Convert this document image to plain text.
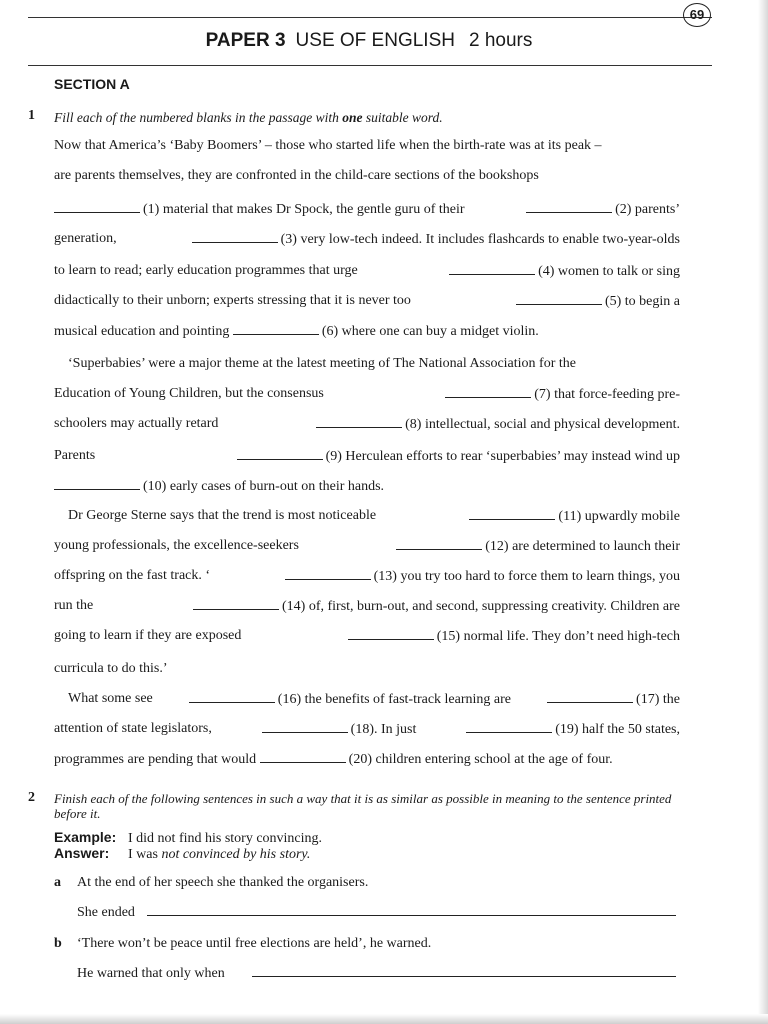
69
PAPER 3 USE OF ENGLISH 2 hours
SECTION A
1 Fill each of the numbered blanks in the passage with one suitable word.
Now that America’s ‘Baby Boomers’ – those who started life when the birth-rate was at its peak –
are parents themselves, they are confronted in the child-care sections of the bookshops
(1) material that makes Dr Spock, the gentle guru of their	(2) parents’
generation,	(3) very low-tech indeed. It includes flashcards to enable two-year-olds
to learn to read; early education programmes that urge	(4) women to talk or sing
didactically to their unborn; experts stressing that it is never too	(5) to begin a
musical education and pointing	(6) where one can buy a midget violin.
‘Superbabies’ were a major theme at the latest meeting of The National Association for the
Education of Young Children, but the consensus	(7) that force-feeding pre-
schoolers may actually retard	(8) intellectual, social and physical development.
Parents	(9) Herculean efforts to rear ‘superbabies’ may instead wind up
(10) early cases of burn-out on their hands.
Dr George Sterne says that the trend is most noticeable	(11) upwardly mobile
young professionals, the excellence-seekers	(12) are determined to launch their
offspring on the fast track. ‘	(13) you try too hard to force them to learn things, you
run the	(14) of, first, burn-out, and second, suppressing creativity. Children are
going to learn if they are exposed	(15) normal life. They don’t need high-tech
curricula to do this.’
What some see	(16) the benefits of fast-track learning are	(17) the
attention of state legislators,	(18). In just	(19) half the 50 states,
programmes are pending that would	(20) children entering school at the age of four.
2 Finish each of the following sentences in such a way that it is as similar as possible in meaning to the sentence printed before it.
Example: I did not find his story convincing.
Answer: I was not convinced by his story.
a At the end of her speech she thanked the organisers.
She ended
b ‘There won’t be peace until free elections are held’, he warned.
He warned that only when
